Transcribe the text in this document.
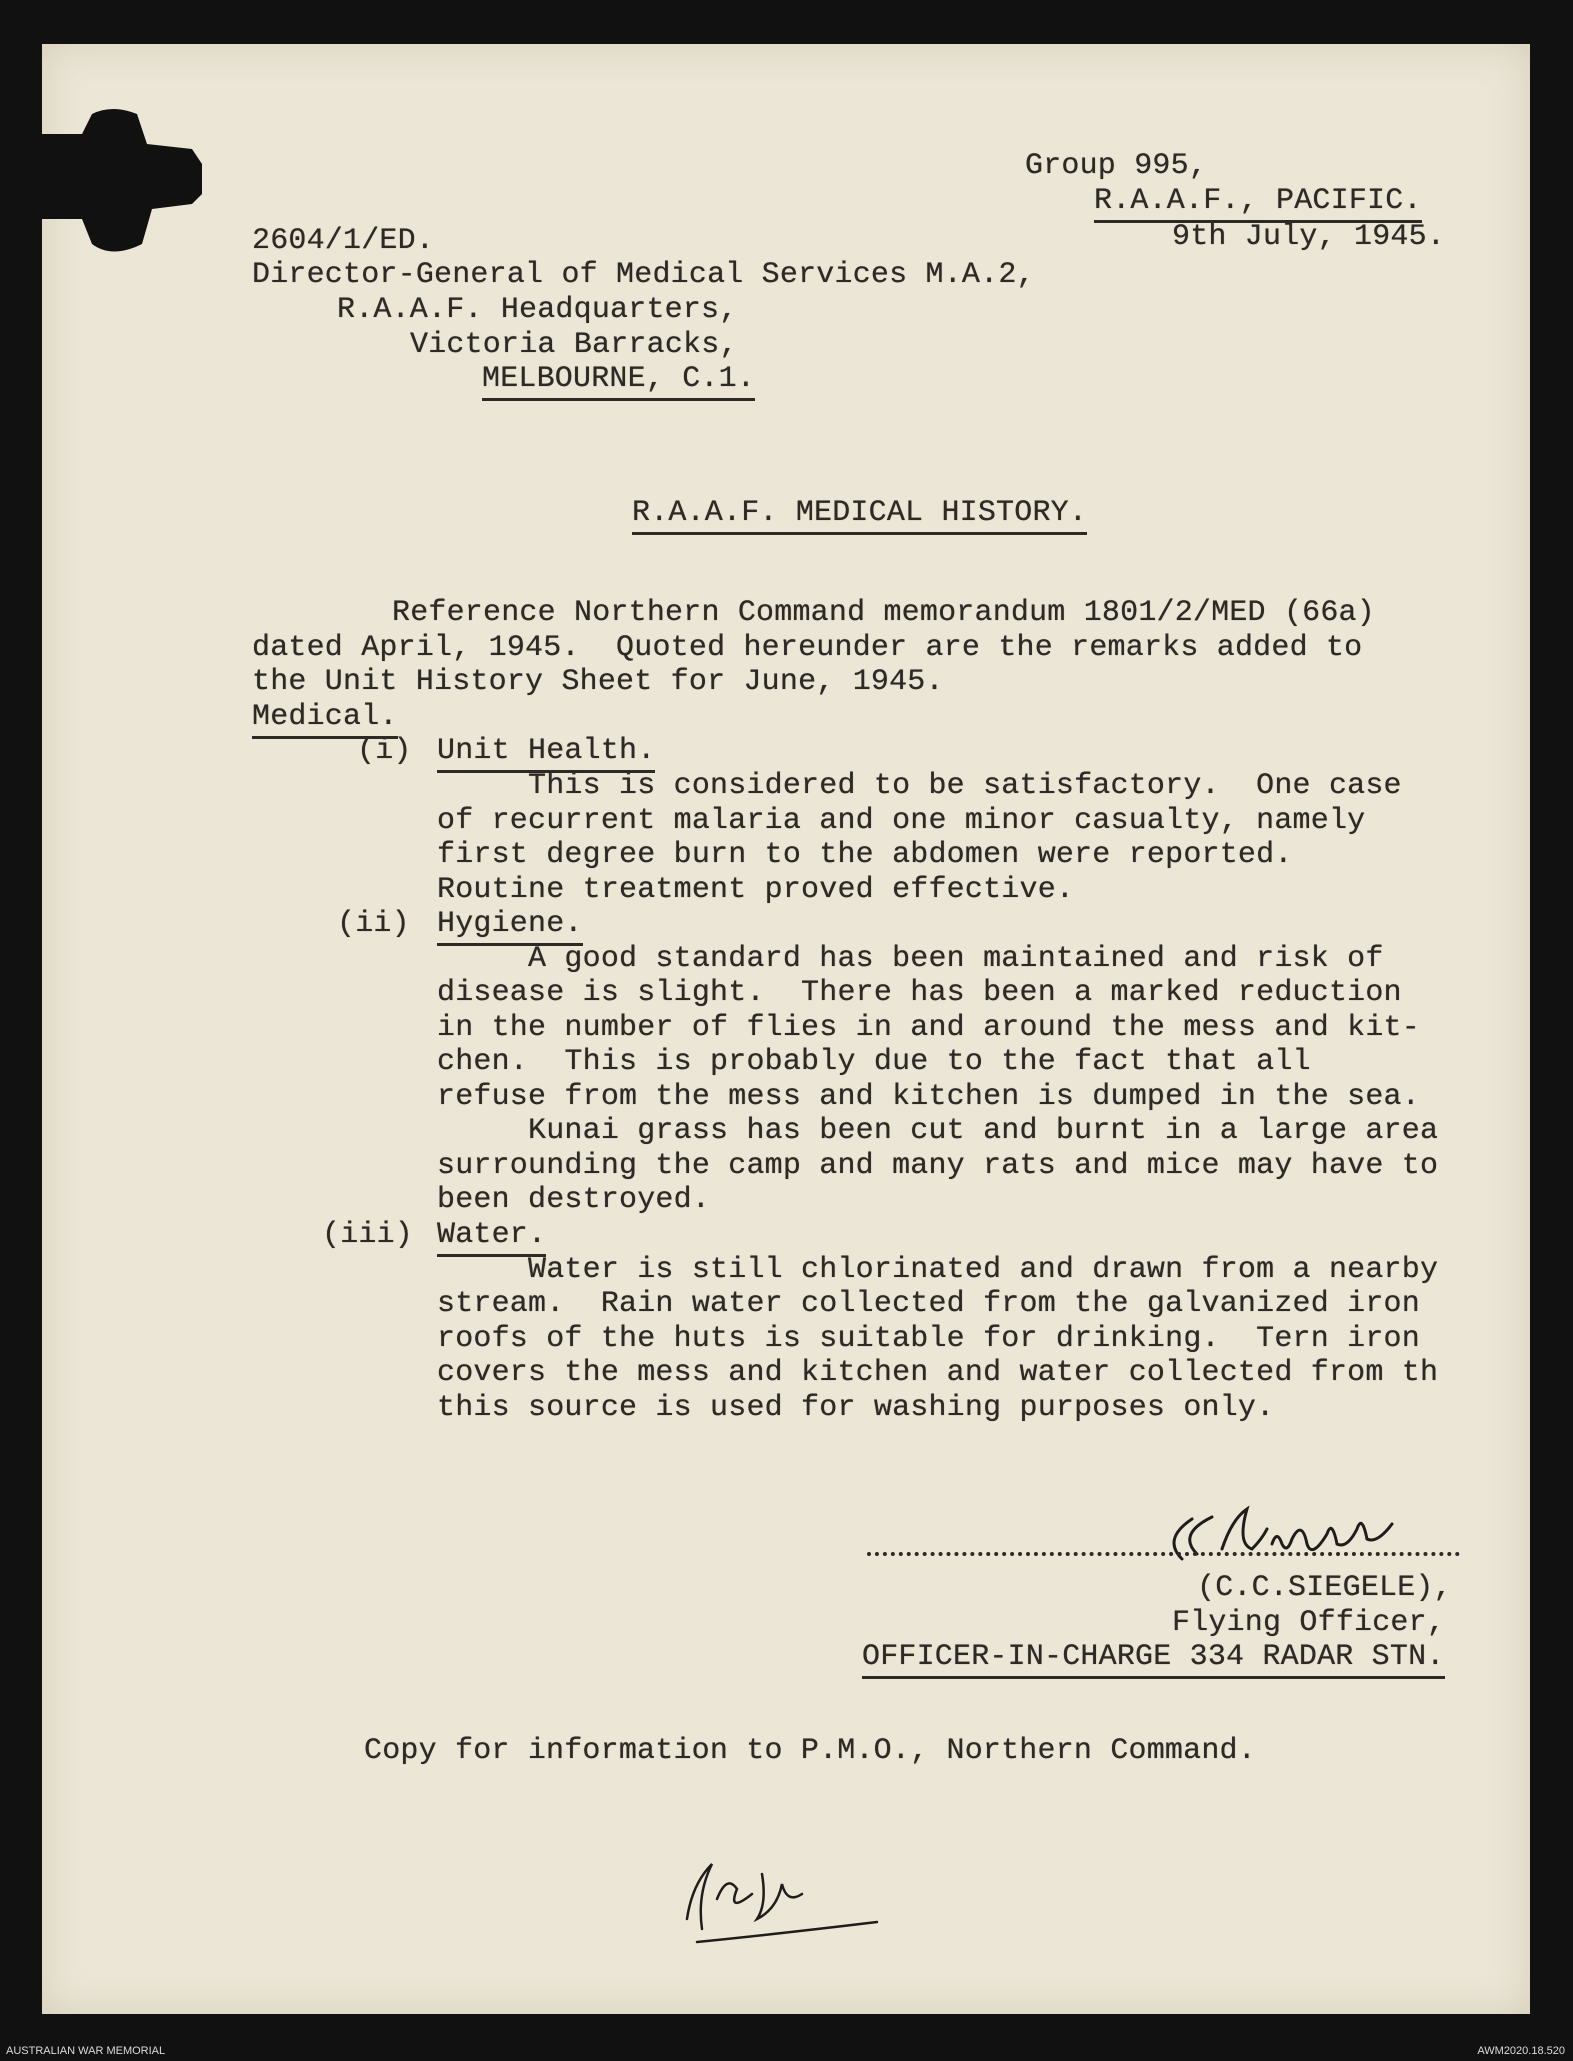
Group 995,
R.A.A.F., PACIFIC.
9th July, 1945.
2604/1/ED.
Director-General of Medical Services M.A.2,
R.A.A.F. Headquarters,
Victoria Barracks,
MELBOURNE, C.1.
R.A.A.F. MEDICAL HISTORY.
Reference Northern Command memorandum 1801/2/MED (66a)
dated April, 1945.  Quoted hereunder are the remarks added to
the Unit History Sheet for June, 1945.
Medical.
(i) Unit Health.
This is considered to be satisfactory.  One case
of recurrent malaria and one minor casualty, namely
first degree burn to the abdomen were reported.
Routine treatment proved effective.
(ii) Hygiene.
A good standard has been maintained and risk of
disease is slight.  There has been a marked reduction
in the number of flies in and around the mess and kit-
chen.  This is probably due to the fact that all
refuse from the mess and kitchen is dumped in the sea.
Kunai grass has been cut and burnt in a large area
surrounding the camp and many rats and mice may have to
been destroyed.
(iii) Water.
Water is still chlorinated and drawn from a nearby
stream.  Rain water collected from the galvanized iron
roofs of the huts is suitable for drinking.  Tern iron
covers the mess and kitchen and water collected from th
this source is used for washing purposes only.
(C.C.SIEGELE),
Flying Officer,
OFFICER-IN-CHARGE 334 RADAR STN.
Copy for information to P.M.O., Northern Command.
AUSTRALIAN WAR MEMORIAL	AWM2020.18.520
